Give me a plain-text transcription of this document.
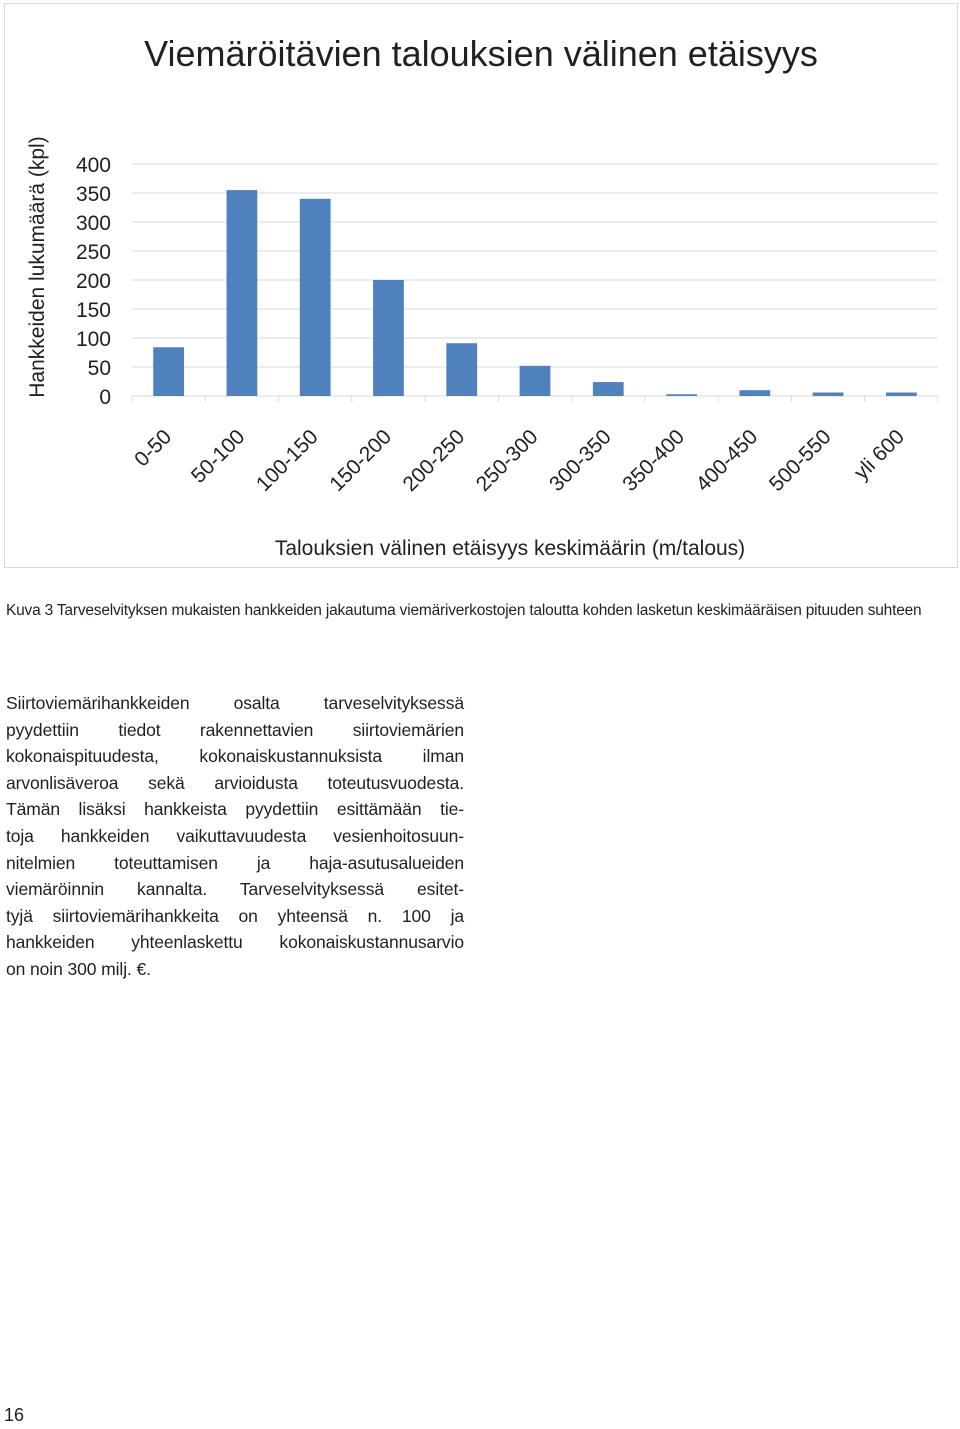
Viemäröitävien talouksien välinen etäisyys
Hankkeiden lukumäärä (kpl)
Talouksien välinen etäisyys keskimäärin (m/talous)
400
350
300
250
200
150
100
50
0
0-50 50-100 100-150 150-200 200-250 250-300 300-350 350-400 400-450 500-550 yli 600
Kuva 3 Tarveselvityksen mukaisten hankkeiden jakautuma viemäriverkostojen taloutta kohden lasketun keskimääräisen pituuden suhteen
Siirtoviemärihankkeiden osalta tarveselvityksessä
pyydettiin tiedot rakennettavien siirtoviemärien
kokonaispituudesta, kokonaiskustannuksista ilman
arvonlisäveroa sekä arvioidusta toteutusvuodesta.
Tämän lisäksi hankkeista pyydettiin esittämään tie-
toja hankkeiden vaikuttavuudesta vesienhoitosuun-
nitelmien toteuttamisen ja haja-asutusalueiden
viemäröinnin kannalta. Tarveselvityksessä esitet-
tyjä siirtoviemärihankkeita on yhteensä n. 100 ja
hankkeiden yhteenlaskettu kokonaiskustannusarvio
on noin 300 milj. €.
16
